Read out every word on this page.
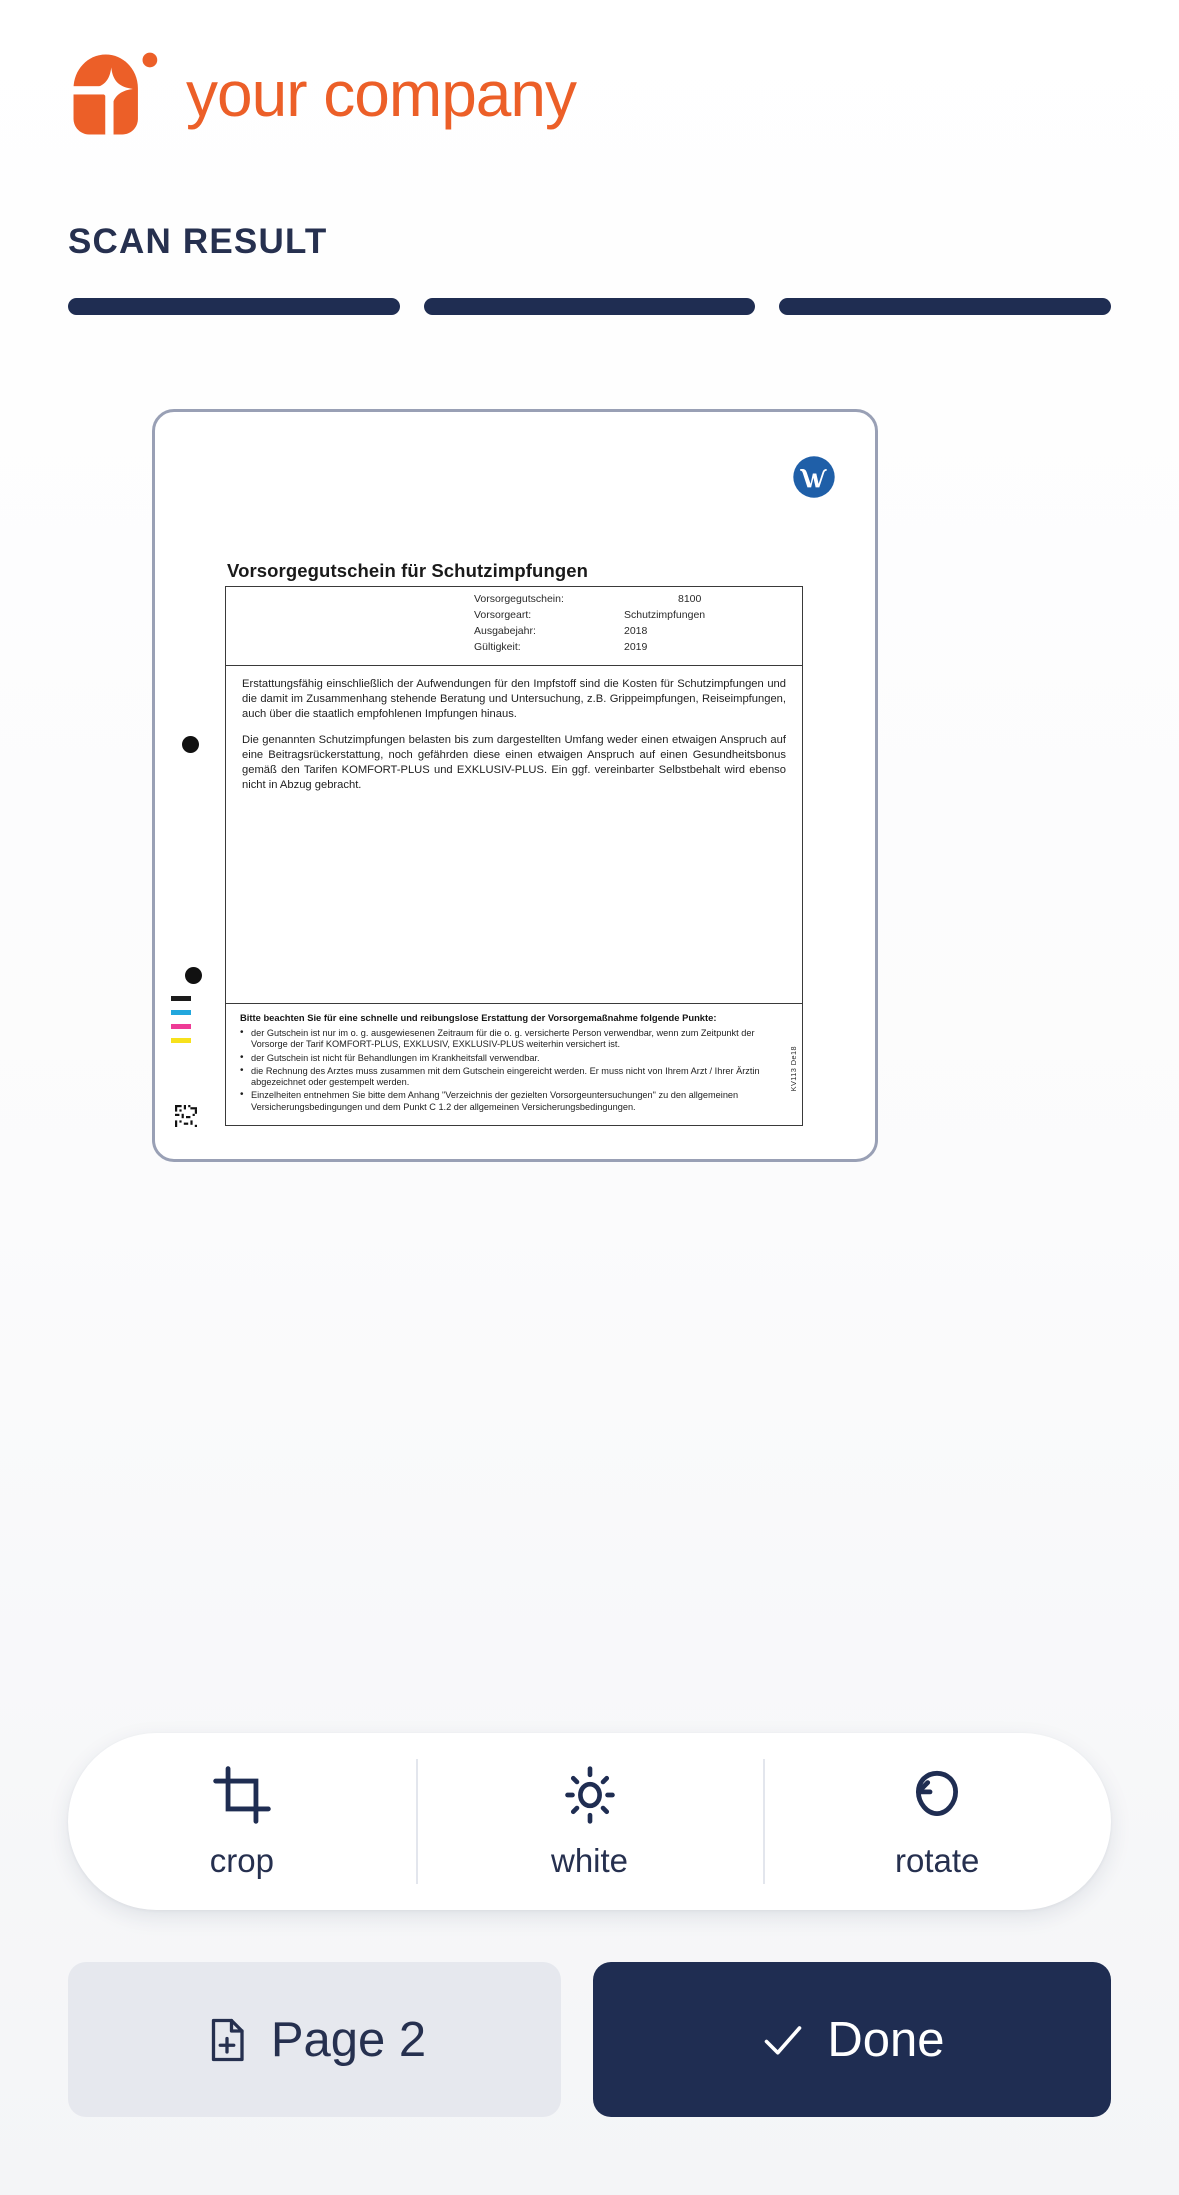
your company
SCAN RESULT
Vorsorgegutschein für Schutzimpfungen
Vorsorgegutschein:	8100
Vorsorgeart:	Schutzimpfungen
Ausgabejahr:	2018
Gültigkeit:	2019

Erstattungsfähig einschließlich der Aufwendungen für den Impfstoff sind die Kosten für Schutzimpfungen und die damit im Zusammenhang stehende Beratung und Untersuchung, z.B. Grippeimpfungen, Reiseimpfungen, auch über die staatlich empfohlenen Impfungen hinaus.

Die genannten Schutzimpfungen belasten bis zum dargestellten Umfang weder einen etwaigen Anspruch auf eine Beitragsrückerstattung, noch gefährden diese einen etwaigen Anspruch auf einen Gesundheitsbonus gemäß den Tarifen KOMFORT-PLUS und EXKLUSIV-PLUS. Ein ggf. vereinbarter Selbstbehalt wird ebenso nicht in Abzug gebracht.

Bitte beachten Sie für eine schnelle und reibungslose Erstattung der Vorsorgemaßnahme folgende Punkte:
• der Gutschein ist nur im o. g. ausgewiesenen Zeitraum für die o. g. versicherte Person verwendbar, wenn zum Zeitpunkt der Vorsorge der Tarif KOMFORT-PLUS, EXKLUSIV, EXKLUSIV-PLUS weiterhin versichert ist.
• der Gutschein ist nicht für Behandlungen im Krankheitsfall verwendbar.
• die Rechnung des Arztes muss zusammen mit dem Gutschein eingereicht werden. Er muss nicht von Ihrem Arzt / Ihrer Ärztin abgezeichnet oder gestempelt werden.
• Einzelheiten entnehmen Sie bitte dem Anhang "Verzeichnis der gezielten Vorsorgeuntersuchungen" zu den allgemeinen Versicherungsbedingungen und dem Punkt C 1.2 der allgemeinen Versicherungsbedingungen.
KV113 De18
crop	white	rotate
Page 2	Done
